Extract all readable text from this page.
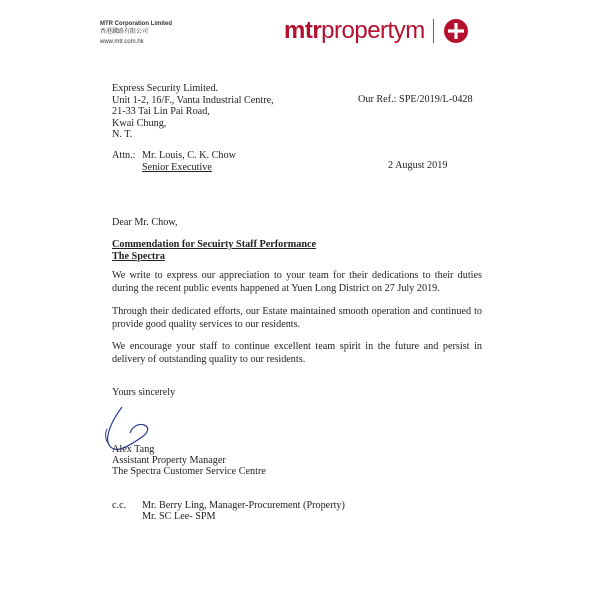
MTR Corporation Limited
香港鐵路有限公司
www.mtr.com.hk	mtrpropertym
Express Security Limited.
Unit 1-2, 16/F., Vanta Industrial Centre,
21-33 Tai Lin Pai Road,
Kwai Chung,
N. T.
Our Ref.: SPE/2019/L-0428
Attn.: Mr. Louis, C. K. Chow
Senior Executive	2 August 2019
Dear Mr. Chow,
Commendation for Secuirty Staff Performance
The Spectra
We write to express our appreciation to your team for their dedications to their duties during the recent public events happened at Yuen Long District on 27 July 2019.
Through their dedicated efforts, our Estate maintained smooth operation and continued to provide good quality services to our residents.
We encourage your staff to continue excellent team spirit in the future and persist in delivery of outstanding quality to our residents.
Yours sincerely
Alex Tang
Assistant Property Manager
The Spectra Customer Service Centre
c.c. Mr. Berry Ling, Manager-Procurement (Property)
Mr. SC Lee- SPM
